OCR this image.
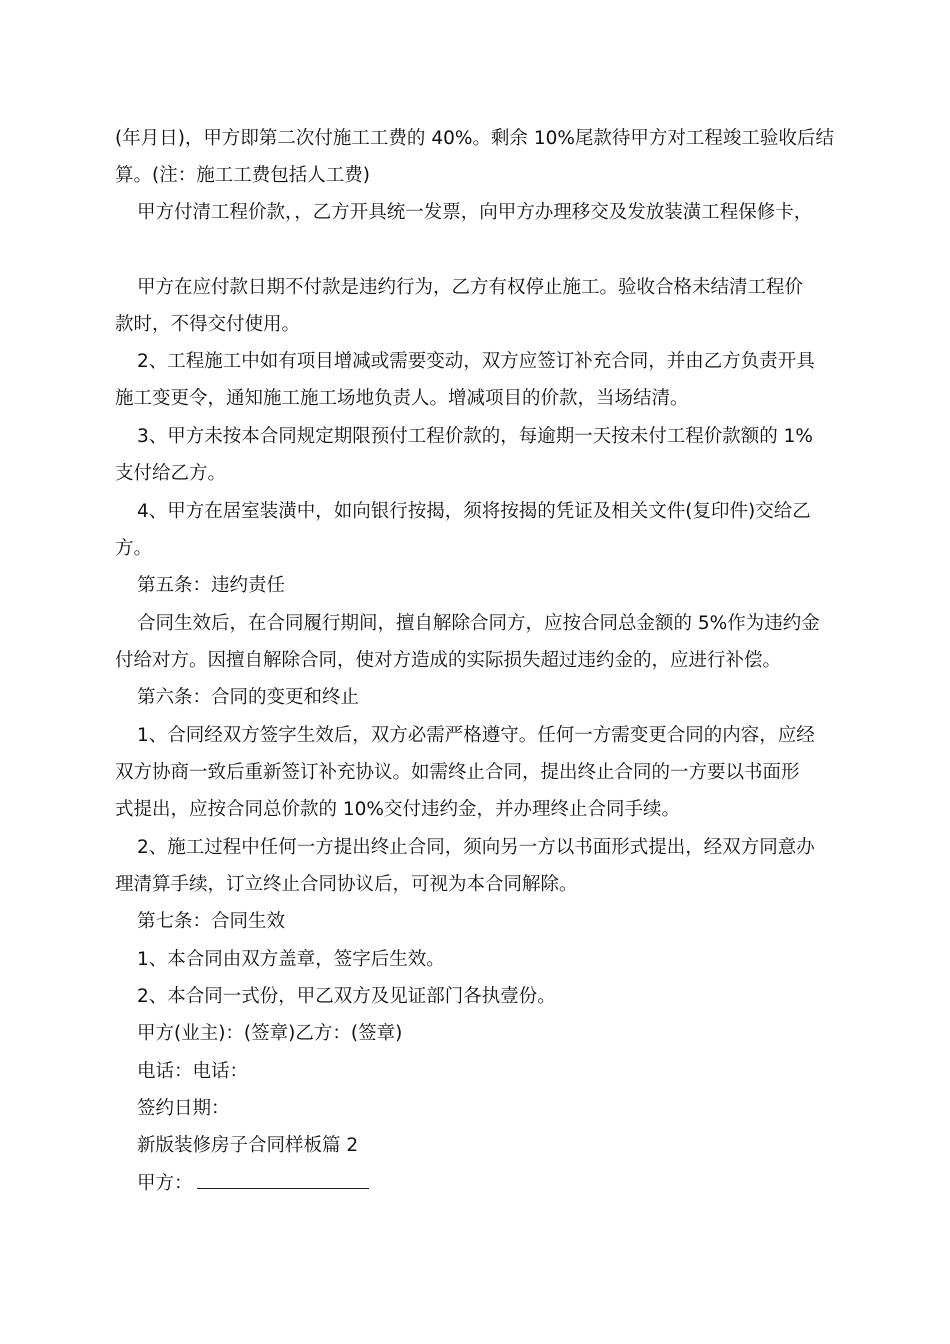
(年月日)，甲方即第二次付施工工费的 40%。剩余 10%尾款待甲方对工程竣工验收后结
算。(注：施工工费包括人工费)
甲方付清工程价款，，乙方开具统一发票，向甲方办理移交及发放装潢工程保修卡，
甲方在应付款日期不付款是违约行为，乙方有权停止施工。验收合格未结清工程价
款时，不得交付使用。
2、工程施工中如有项目增减或需要变动，双方应签订补充合同，并由乙方负责开具
施工变更令，通知施工施工场地负责人。增减项目的价款，当场结清。
3、甲方未按本合同规定期限预付工程价款的，每逾期一天按未付工程价款额的 1%
支付给乙方。
4、甲方在居室装潢中，如向银行按揭，须将按揭的凭证及相关文件(复印件)交给乙
方。
第五条：违约责任
合同生效后，在合同履行期间，擅自解除合同方，应按合同总金额的 5%作为违约金
付给对方。因擅自解除合同，使对方造成的实际损失超过违约金的，应进行补偿。
第六条：合同的变更和终止
1、合同经双方签字生效后，双方必需严格遵守。任何一方需变更合同的内容，应经
双方协商一致后重新签订补充协议。如需终止合同，提出终止合同的一方要以书面形
式提出，应按合同总价款的 10%交付违约金，并办理终止合同手续。
2、施工过程中任何一方提出终止合同，须向另一方以书面形式提出，经双方同意办
理清算手续，订立终止合同协议后，可视为本合同解除。
第七条：合同生效
1、本合同由双方盖章，签字后生效。
2、本合同一式份，甲乙双方及见证部门各执壹份。
甲方(业主)：(签章)乙方：(签章)
电话：电话：
签约日期：
新版装修房子合同样板篇 2
甲方：
